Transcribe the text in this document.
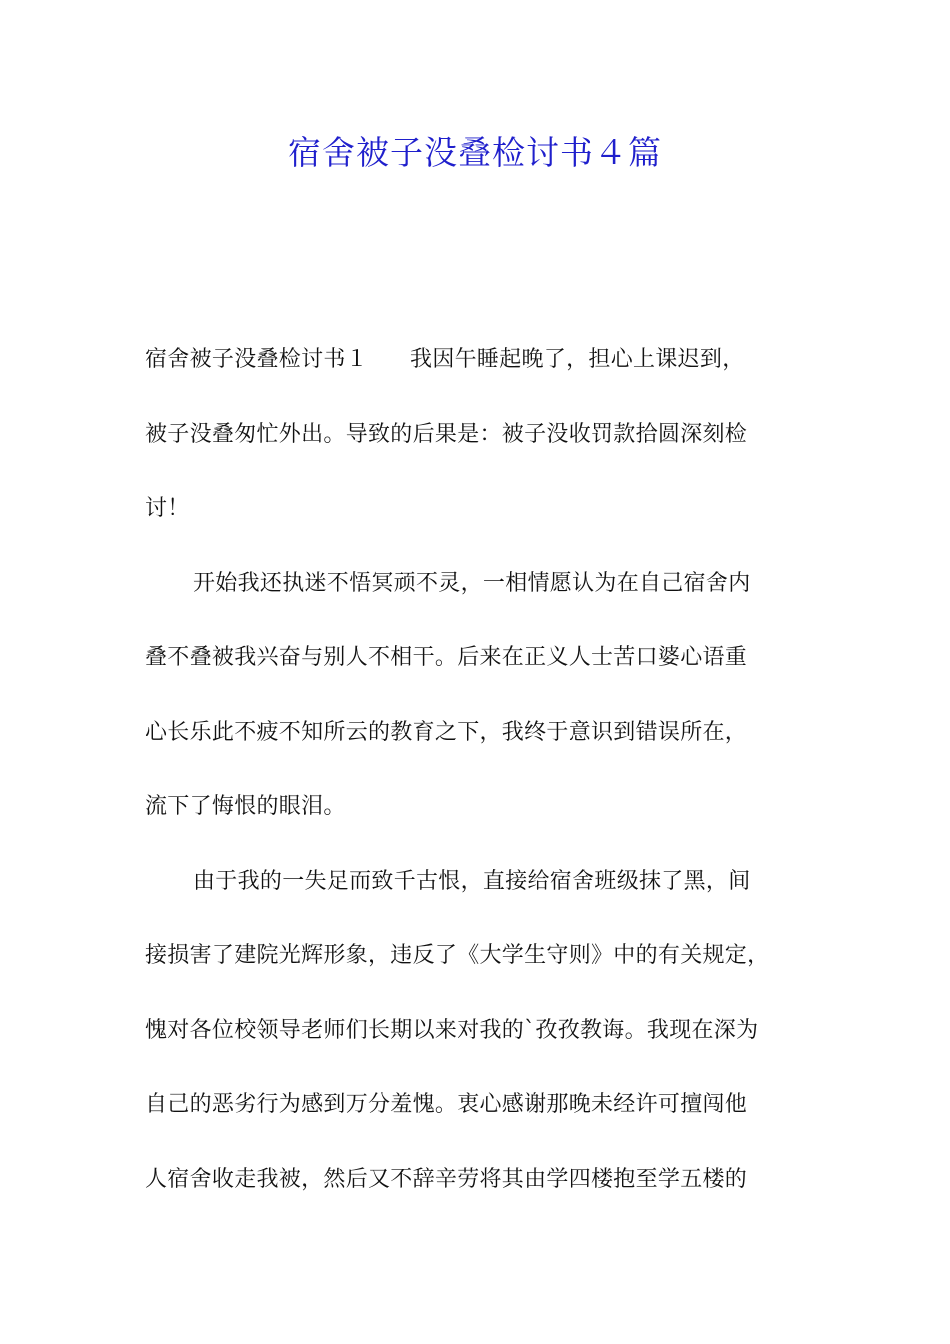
宿舍被子没叠检讨书４篇

宿舍被子没叠检讨书１ 我因午睡起晚了，担心上课迟到，

被子没叠匆忙外出。导致的后果是：被子没收罚款拾圆深刻检

讨！

开始我还执迷不悟冥顽不灵，一相情愿认为在自己宿舍内

叠不叠被我兴奋与别人不相干。后来在正义人士苦口婆心语重

心长乐此不疲不知所云的教育之下，我终于意识到错误所在，

流下了悔恨的眼泪。

由于我的一失足而致千古恨，直接给宿舍班级抹了黑，间

接损害了建院光辉形象，违反了《大学生守则》中的有关规定，

愧对各位校领导老师们长期以来对我的`孜孜教诲。我现在深为

自己的恶劣行为感到万分羞愧。衷心感谢那晚未经许可擅闯他

人宿舍收走我被，然后又不辞辛劳将其由学四楼抱至学五楼的
